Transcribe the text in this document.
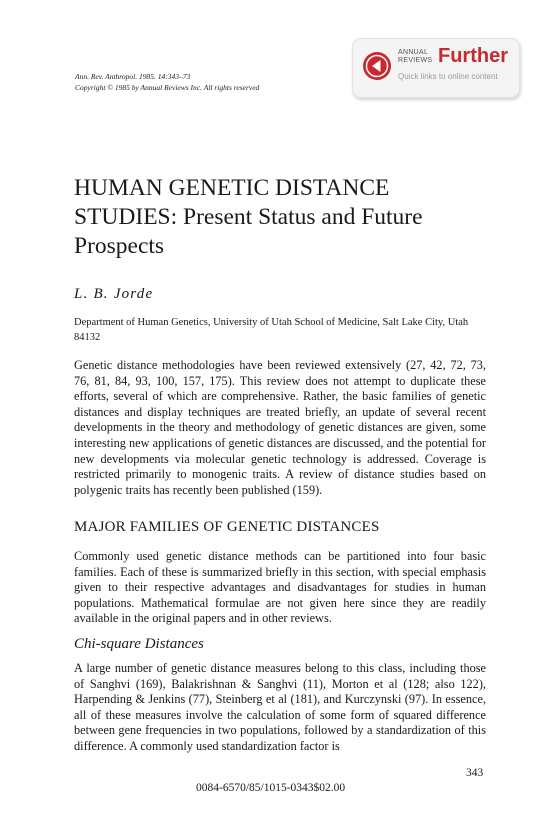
Ann. Rev. Anthropol. 1985. 14:343–73
Copyright © 1985 by Annual Reviews Inc. All rights reserved
ANNUAL
REVIEWS Further
Quick links to online content
HUMAN GENETIC DISTANCE STUDIES: Present Status and Future Prospects
L. B. Jorde
Department of Human Genetics, University of Utah School of Medicine, Salt Lake City, Utah 84132

Genetic distance methodologies have been reviewed extensively (27, 42, 72, 73, 76, 81, 84, 93, 100, 157, 175). This review does not attempt to duplicate these efforts, several of which are comprehensive. Rather, the basic families of genetic distances and display techniques are treated briefly, an update of several recent developments in the theory and methodology of genetic distances are given, some interesting new applications of genetic distances are discussed, and the potential for new developments via molecular genetic technology is addressed. Coverage is restricted primarily to monogenic traits. A review of distance studies based on polygenic traits has recently been published (159).

MAJOR FAMILIES OF GENETIC DISTANCES

Commonly used genetic distance methods can be partitioned into four basic families. Each of these is summarized briefly in this section, with special emphasis given to their respective advantages and disadvantages for studies in human populations. Mathematical formulae are not given here since they are readily available in the original papers and in other reviews.

Chi-square Distances

A large number of genetic distance measures belong to this class, including those of Sanghvi (169), Balakrishnan & Sanghvi (11), Morton et al (128; also 122), Harpending & Jenkins (77), Steinberg et al (181), and Kurczynski (97). In essence, all of these measures involve the calculation of some form of squared difference between gene frequencies in two populations, followed by a standardization of this difference. A commonly used standardization factor is

343
0084-6570/85/1015-0343$02.00
